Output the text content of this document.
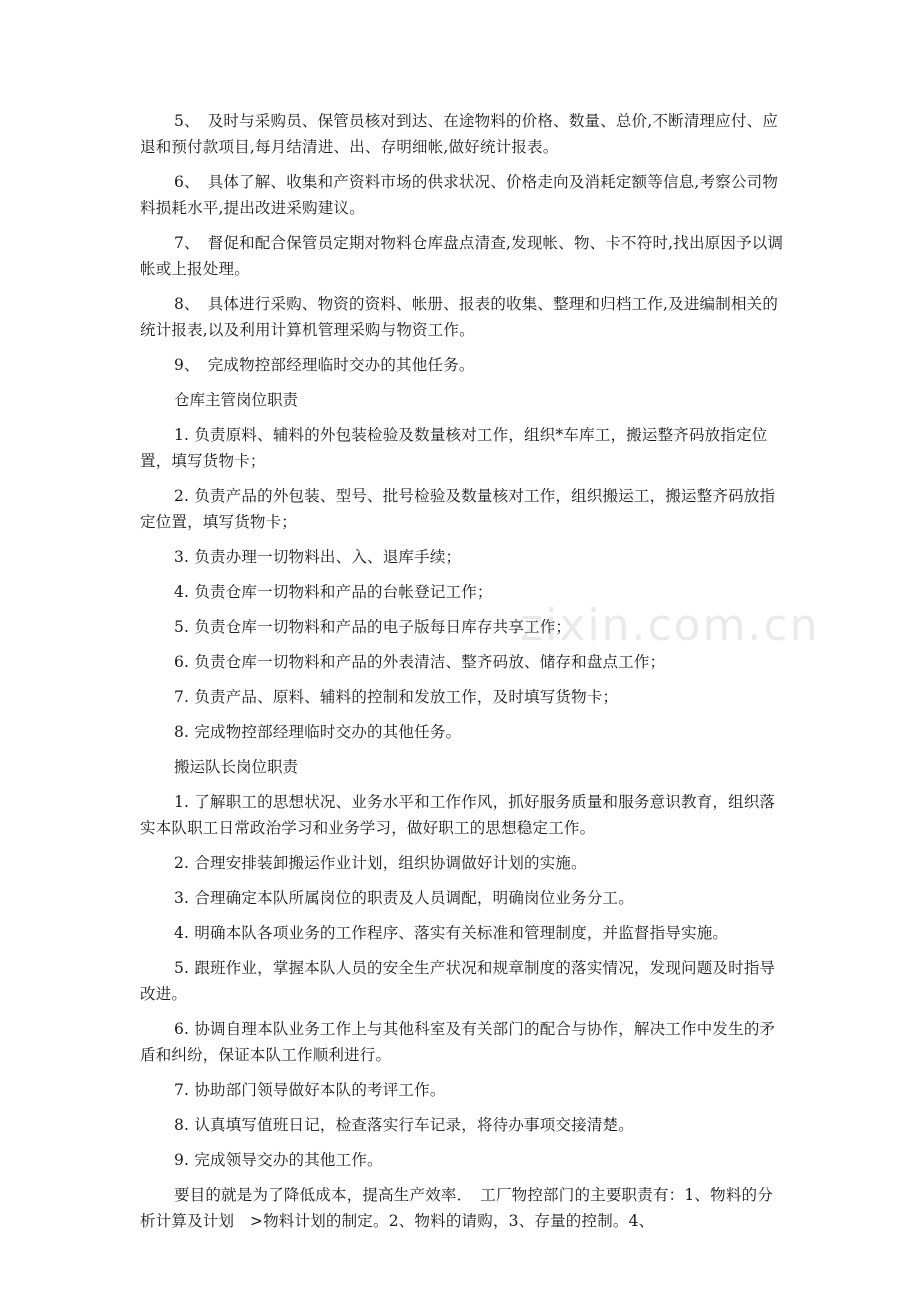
5、　及时与采购员、保管员核对到达、在途物料的价格、数量、总价,不断清理应付、应退和预付款项目,每月结清进、出、存明细帐,做好统计报表。

6、　具体了解、收集和产资料市场的供求状况、价格走向及消耗定额等信息,考察公司物料损耗水平,提出改进采购建议。

7、　督促和配合保管员定期对物料仓库盘点清查,发现帐、物、卡不符时,找出原因予以调帐或上报处理。

8、　具体进行采购、物资的资料、帐册、报表的收集、整理和归档工作,及进编制相关的统计报表,以及利用计算机管理采购与物资工作。

9、　完成物控部经理临时交办的其他任务。

仓库主管岗位职责

1. 负责原料、辅料的外包装检验及数量核对工作，组织*车库工，搬运整齐码放指定位置，填写货物卡；

2. 负责产品的外包装、型号、批号检验及数量核对工作，组织搬运工，搬运整齐码放指定位置，填写货物卡；

3. 负责办理一切物料出、入、退库手续；

4. 负责仓库一切物料和产品的台帐登记工作；

5. 负责仓库一切物料和产品的电子版每日库存共享工作；

6. 负责仓库一切物料和产品的外表清洁、整齐码放、储存和盘点工作；

7. 负责产品、原料、辅料的控制和发放工作，及时填写货物卡；

8. 完成物控部经理临时交办的其他任务。

搬运队长岗位职责

1. 了解职工的思想状况、业务水平和工作作风，抓好服务质量和服务意识教育，组织落实本队职工日常政治学习和业务学习，做好职工的思想稳定工作。

2. 合理安排装卸搬运作业计划，组织协调做好计划的实施。

3. 合理确定本队所属岗位的职责及人员调配，明确岗位业务分工。

4. 明确本队各项业务的工作程序、落实有关标准和管理制度，并监督指导实施。

5. 跟班作业，掌握本队人员的安全生产状况和规章制度的落实情况，发现问题及时指导改进。

6. 协调自理本队业务工作上与其他科室及有关部门的配合与协作，解决工作中发生的矛盾和纠纷，保证本队工作顺利进行。

7. 协助部门领导做好本队的考评工作。

8. 认真填写值班日记，检查落实行车记录，将待办事项交接清楚。

9. 完成领导交办的其他工作。

要目的就是为了降低成本，提高生产效率．　工厂物控部门的主要职责有：1、物料的分析计算及计划　>物料计划的制定。2、物料的请购，3、存量的控制。4、

zixin.com.cn
